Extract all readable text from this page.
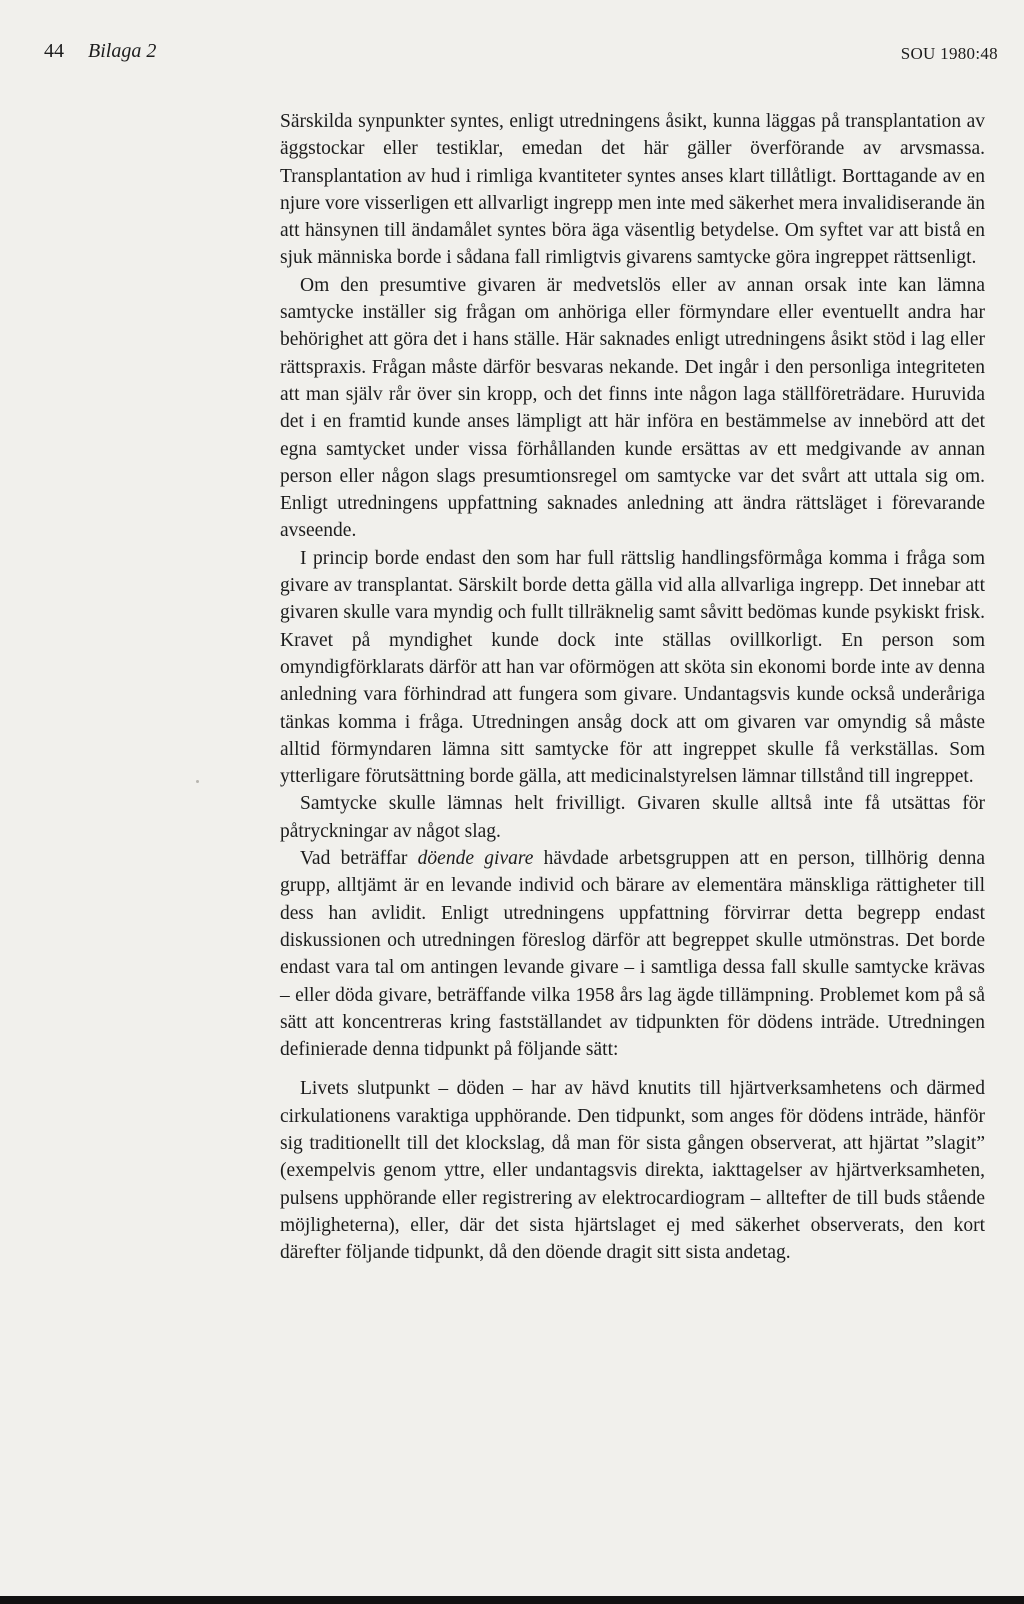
44 Bilaga 2	SOU 1980:48

Särskilda synpunkter syntes, enligt utredningens åsikt, kunna läggas på transplantation av äggstockar eller testiklar, emedan det här gäller överförande av arvsmassa. Transplantation av hud i rimliga kvantiteter syntes anses klart tillåtligt. Borttagande av en njure vore visserligen ett allvarligt ingrepp men inte med säkerhet mera invalidiserande än att hänsynen till ändamålet syntes böra äga väsentlig betydelse. Om syftet var att bistå en sjuk människa borde i sådana fall rimligtvis givarens samtycke göra ingreppet rättsenligt.

Om den presumtive givaren är medvetslös eller av annan orsak inte kan lämna samtycke inställer sig frågan om anhöriga eller förmyndare eller eventuellt andra har behörighet att göra det i hans ställe. Här saknades enligt utredningens åsikt stöd i lag eller rättspraxis. Frågan måste därför besvaras nekande. Det ingår i den personliga integriteten att man själv rår över sin kropp, och det finns inte någon laga ställföreträdare. Huruvida det i en framtid kunde anses lämpligt att här införa en bestämmelse av innebörd att det egna samtycket under vissa förhållanden kunde ersättas av ett medgivande av annan person eller någon slags presumtionsregel om samtycke var det svårt att uttala sig om. Enligt utredningens uppfattning saknades anledning att ändra rättsläget i förevarande avseende.

I princip borde endast den som har full rättslig handlingsförmåga komma i fråga som givare av transplantat. Särskilt borde detta gälla vid alla allvarliga ingrepp. Det innebar att givaren skulle vara myndig och fullt tillräknelig samt såvitt bedömas kunde psykiskt frisk. Kravet på myndighet kunde dock inte ställas ovillkorligt. En person som omyndigförklarats därför att han var oförmögen att sköta sin ekonomi borde inte av denna anledning vara förhindrad att fungera som givare. Undantagsvis kunde också underåriga tänkas komma i fråga. Utredningen ansåg dock att om givaren var omyndig så måste alltid förmyndaren lämna sitt samtycke för att ingreppet skulle få verkställas. Som ytterligare förutsättning borde gälla, att medicinalstyrelsen lämnar tillstånd till ingreppet.

Samtycke skulle lämnas helt frivilligt. Givaren skulle alltså inte få utsättas för påtryckningar av något slag.

Vad beträffar döende givare hävdade arbetsgruppen att en person, tillhörig denna grupp, alltjämt är en levande individ och bärare av elementära mänskliga rättigheter till dess han avlidit. Enligt utredningens uppfattning förvirrar detta begrepp endast diskussionen och utredningen föreslog därför att begreppet skulle utmönstras. Det borde endast vara tal om antingen levande givare – i samtliga dessa fall skulle samtycke krävas – eller döda givare, beträffande vilka 1958 års lag ägde tillämpning. Problemet kom på så sätt att koncentreras kring fastställandet av tidpunkten för dödens inträde. Utredningen definierade denna tidpunkt på följande sätt:

Livets slutpunkt – döden – har av hävd knutits till hjärtverksamhetens och därmed cirkulationens varaktiga upphörande. Den tidpunkt, som anges för dödens inträde, hänför sig traditionellt till det klockslag, då man för sista gången observerat, att hjärtat ”slagit” (exempelvis genom yttre, eller undantagsvis direkta, iakttagelser av hjärtverksamheten, pulsens upphörande eller registrering av elektrocardiogram – alltefter de till buds stående möjligheterna), eller, där det sista hjärtslaget ej med säkerhet observerats, den kort därefter följande tidpunkt, då den döende dragit sitt sista andetag.
